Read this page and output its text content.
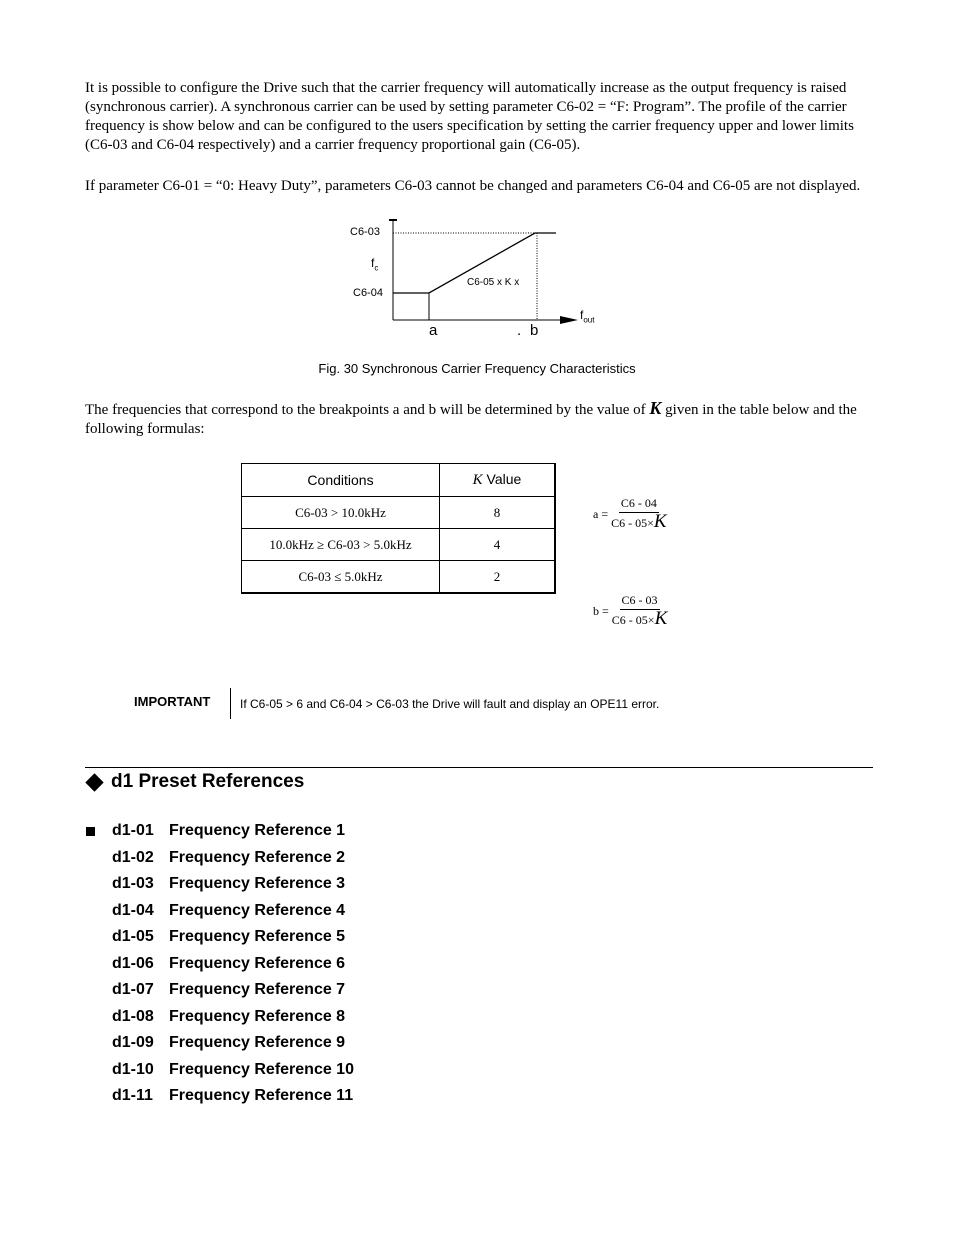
It is possible to configure the Drive such that the carrier frequency will automatically increase as the output frequency is raised (synchronous carrier). A synchronous carrier can be used by setting parameter C6-02 = “F: Program”. The profile of the carrier frequency is show below and can be configured to the users specification by setting the carrier frequency upper and lower limits (C6-03 and C6-04 respectively) and a carrier frequency proportional gain (C6-05).

If parameter C6-01 = “0: Heavy Duty”, parameters C6-03 cannot be changed and parameters C6-04 and C6-05 are not displayed.

C6-03
$f_c$
C6-04
C6-05 x K x
$f_{out}$
a	. b
Fig. 30 Synchronous Carrier Frequency Characteristics

The frequencies that correspond to the breakpoints a and b will be determined by the value of K given in the table below and the following formulas:

Conditions	K Value
C6-03 > 10.0kHz	8
10.0kHz ≥ C6-03 > 5.0kHz	4
C6-03 ≤ 5.0kHz	2
$a = \frac{C6 - 04}{C6 - 05\times K}$
$b = \frac{C6 - 03}{C6 - 05\times K}$
IMPORTANT If C6-05 > 6 and C6-04 > C6-03 the Drive will fault and display an OPE11 error.
d1 Preset References
d1-01 Frequency Reference 1
d1-02 Frequency Reference 2
d1-03 Frequency Reference 3
d1-04 Frequency Reference 4
d1-05 Frequency Reference 5
d1-06 Frequency Reference 6
d1-07 Frequency Reference 7
d1-08 Frequency Reference 8
d1-09 Frequency Reference 9
d1-10 Frequency Reference 10
d1-11 Frequency Reference 11
